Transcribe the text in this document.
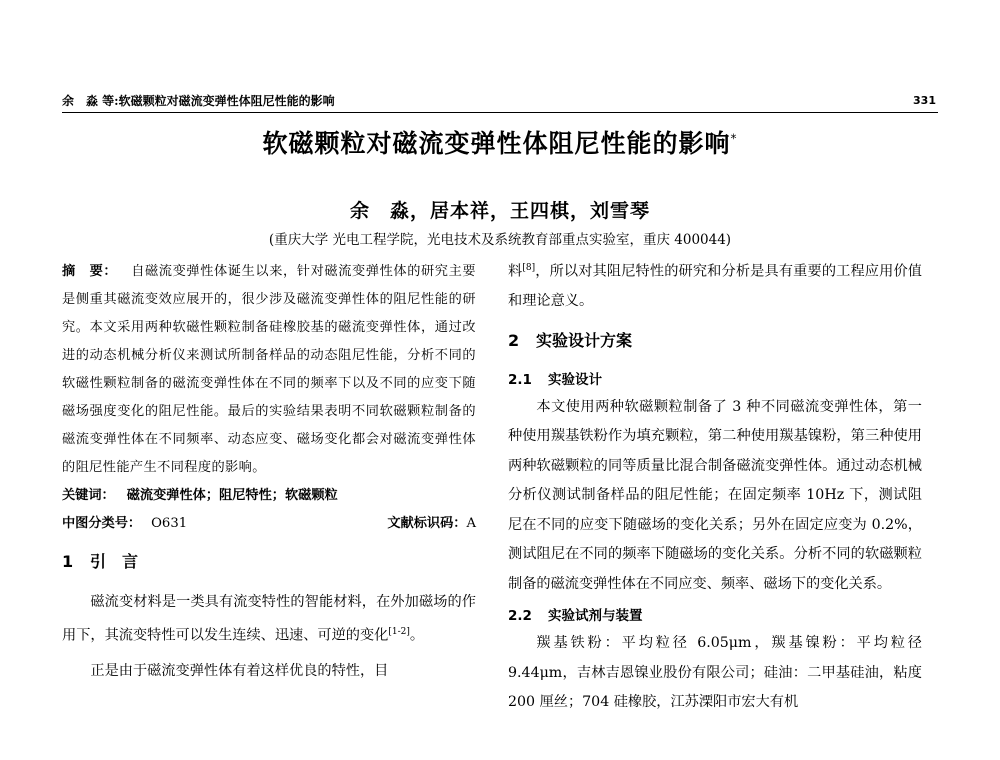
余　淼 等:软磁颗粒对磁流变弹性体阻尼性能的影响	331
软磁颗粒对磁流变弹性体阻尼性能的影响*
余　淼，居本祥，王四棋，刘雪琴
(重庆大学 光电工程学院，光电技术及系统教育部重点实验室，重庆 400044)
摘　要： 自磁流变弹性体诞生以来，针对磁流变弹性体的研究主要是侧重其磁流变效应展开的，很少涉及磁流变弹性体的阻尼性能的研究。本文采用两种软磁性颗粒制备硅橡胶基的磁流变弹性体，通过改进的动态机械分析仪来测试所制备样品的动态阻尼性能，分析不同的软磁性颗粒制备的磁流变弹性体在不同的频率下以及不同的应变下随磁场强度变化的阻尼性能。最后的实验结果表明不同软磁颗粒制备的磁流变弹性体在不同频率、动态应变、磁场变化都会对磁流变弹性体的阻尼性能产生不同程度的影响。
关键词： 磁流变弹性体；阻尼特性；软磁颗粒
中图分类号： O631	文献标识码：A
1 引　言

磁流变材料是一类具有流变特性的智能材料，在外加磁场的作用下，其流变特性可以发生连续、迅速、可逆的变化[1-2]。

正是由于磁流变弹性体有着这样优良的特性，目

料[8]，所以对其阻尼特性的研究和分析是具有重要的工程应用价值和理论意义。

2 实验设计方案
2.1 实验设计

本文使用两种软磁颗粒制备了 3 种不同磁流变弹性体，第一种使用羰基铁粉作为填充颗粒，第二种使用羰基镍粉，第三种使用两种软磁颗粒的同等质量比混合制备磁流变弹性体。通过动态机械分析仪测试制备样品的阻尼性能；在固定频率 10Hz 下，测试阻尼在不同的应变下随磁场的变化关系；另外在固定应变为 0.2%，测试阻尼在不同的频率下随磁场的变化关系。分析不同的软磁颗粒制备的磁流变弹性体在不同应变、频率、磁场下的变化关系。

2.2 实验试剂与装置

羰基铁粉：平均粒径 6.05μm，羰基镍粉：平均粒径 9.44μm，吉林吉恩镍业股份有限公司；硅油：二甲基硅油，粘度 200 厘丝；704 硅橡胶，江苏溧阳市宏大有机
